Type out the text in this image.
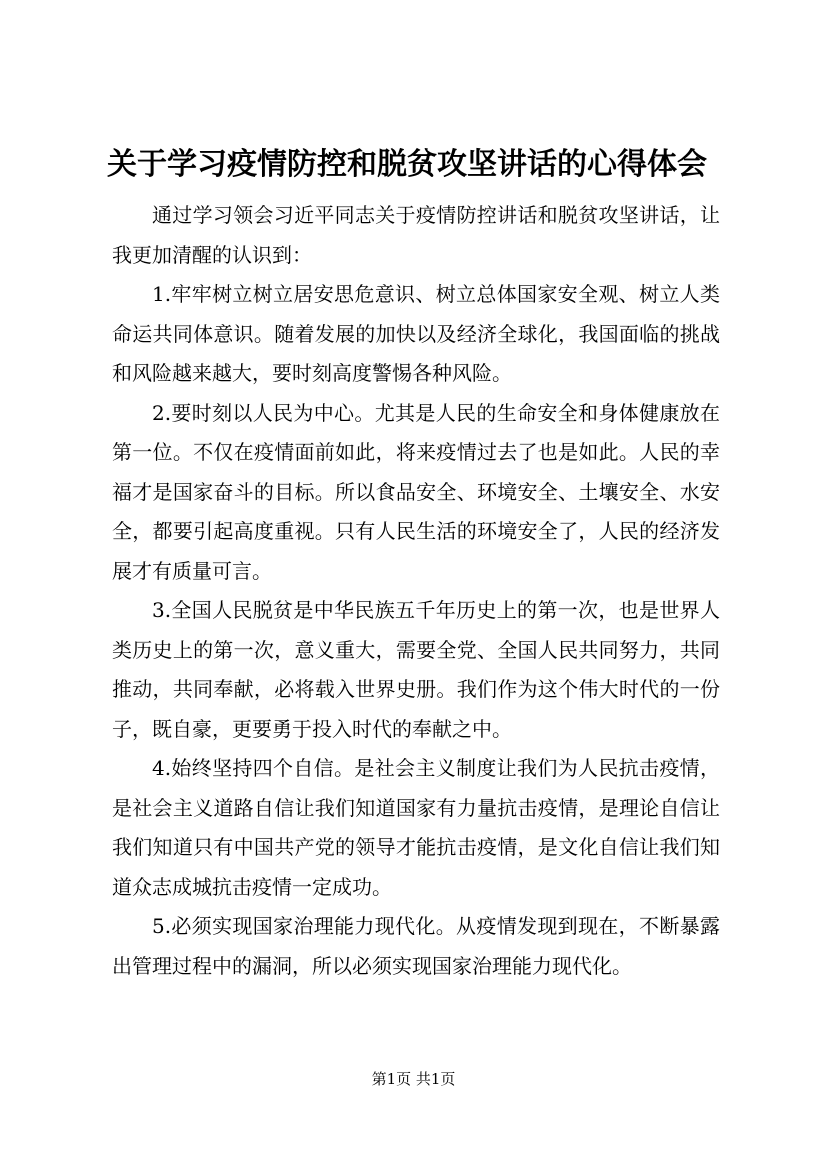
关于学习疫情防控和脱贫攻坚讲话的心得体会

通过学习领会习近平同志关于疫情防控讲话和脱贫攻坚讲话，让我更加清醒的认识到：

1.牢牢树立树立居安思危意识、树立总体国家安全观、树立人类命运共同体意识。随着发展的加快以及经济全球化，我国面临的挑战和风险越来越大，要时刻高度警惕各种风险。

2.要时刻以人民为中心。尤其是人民的生命安全和身体健康放在第一位。不仅在疫情面前如此，将来疫情过去了也是如此。人民的幸福才是国家奋斗的目标。所以食品安全、环境安全、土壤安全、水安全，都要引起高度重视。只有人民生活的环境安全了，人民的经济发展才有质量可言。

3.全国人民脱贫是中华民族五千年历史上的第一次，也是世界人类历史上的第一次，意义重大，需要全党、全国人民共同努力，共同推动，共同奉献，必将载入世界史册。我们作为这个伟大时代的一份子，既自豪，更要勇于投入时代的奉献之中。

4.始终坚持四个自信。是社会主义制度让我们为人民抗击疫情，是社会主义道路自信让我们知道国家有力量抗击疫情，是理论自信让我们知道只有中国共产党的领导才能抗击疫情，是文化自信让我们知道众志成城抗击疫情一定成功。

5.必须实现国家治理能力现代化。从疫情发现到现在，不断暴露出管理过程中的漏洞，所以必须实现国家治理能力现代化。

第1页 共1页
